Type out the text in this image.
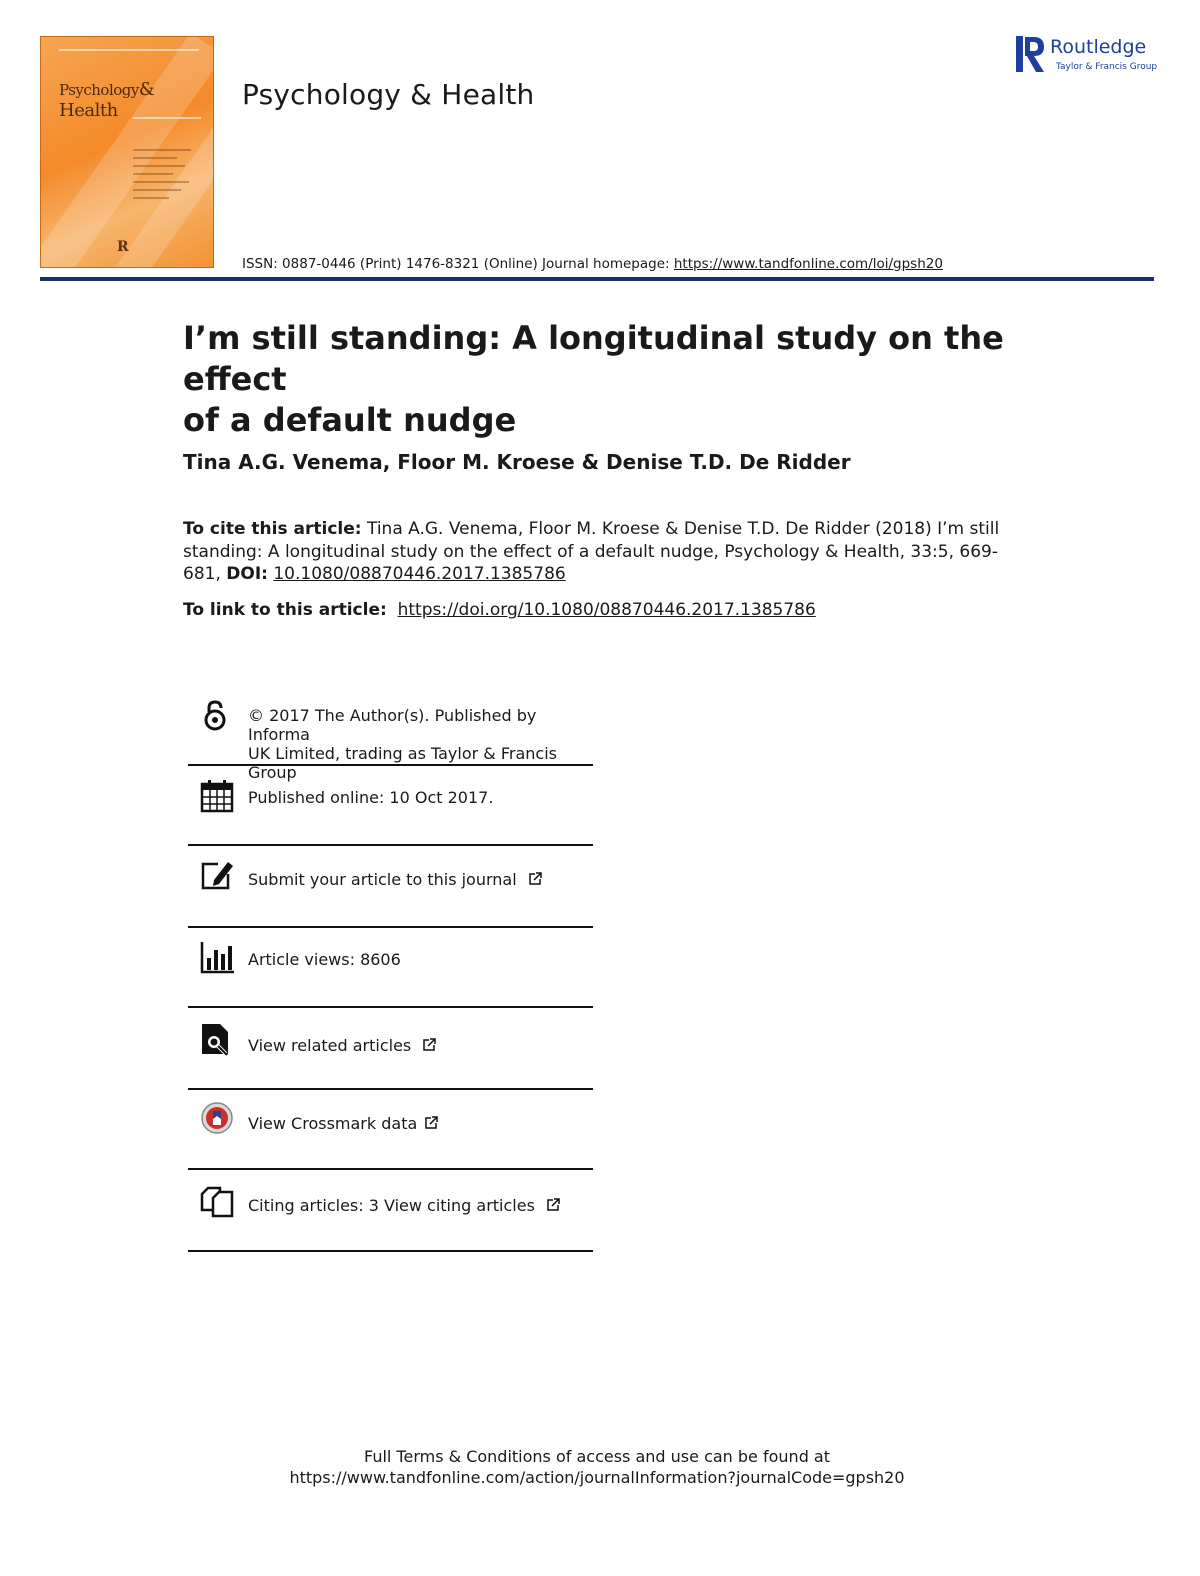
Psychology& Health
R
Psychology & Health
Routledge
Taylor & Francis Group
ISSN: 0887-0446 (Print) 1476-8321 (Online) Journal homepage: https://www.tandfonline.com/loi/gpsh20
I’m still standing: A longitudinal study on the effect
of a default nudge
Tina A.G. Venema, Floor M. Kroese & Denise T.D. De Ridder
To cite this article: Tina A.G. Venema, Floor M. Kroese & Denise T.D. De Ridder (2018) I’m still standing: A longitudinal study on the effect of a default nudge, Psychology & Health, 33:5, 669-681, DOI: 10.1080/08870446.2017.1385786
To link to this article: https://doi.org/10.1080/08870446.2017.1385786
© 2017 The Author(s). Published by Informa
UK Limited, trading as Taylor & Francis
Group
Published online: 10 Oct 2017.
Submit your article to this journal
Article views: 8606
View related articles
View Crossmark data
Citing articles: 3 View citing articles
Full Terms & Conditions of access and use can be found at
https://www.tandfonline.com/action/journalInformation?journalCode=gpsh20
